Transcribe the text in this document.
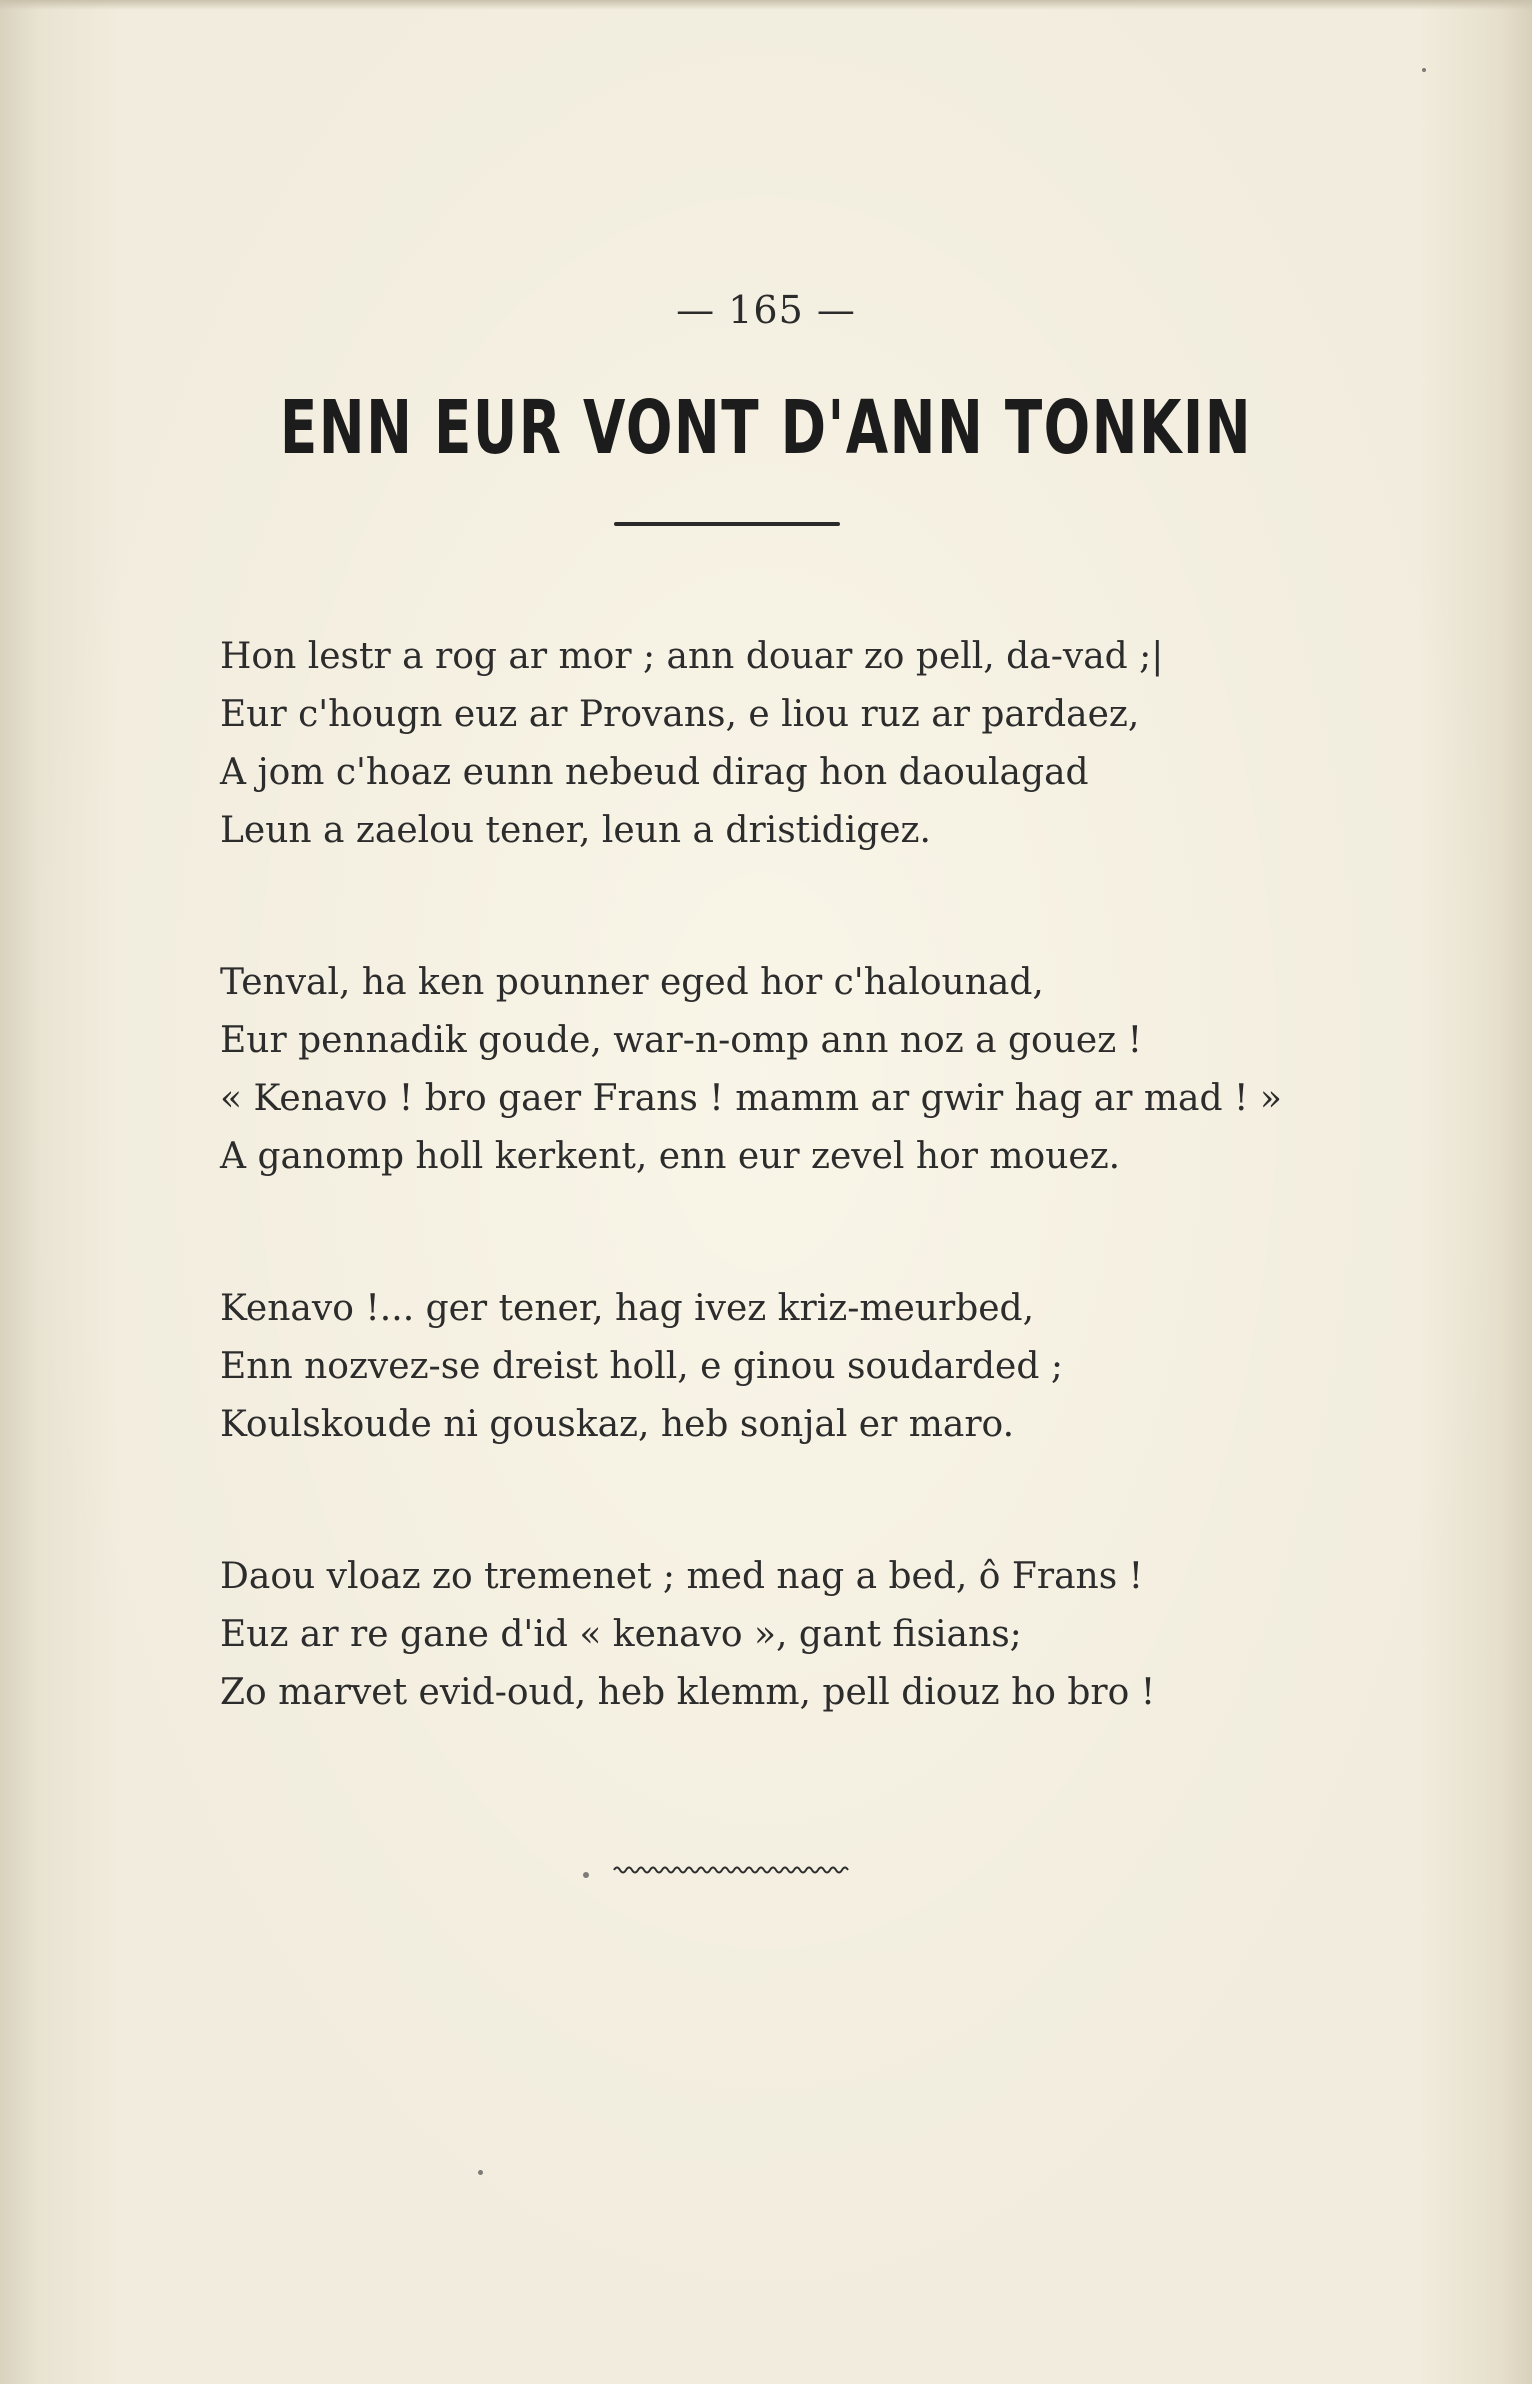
— 165 —
ENN EUR VONT D'ANN TONKIN
Hon lestr a rog ar mor ; ann douar zo pell, da-vad ;|
Eur c'hougn euz ar Provans, e liou ruz ar pardaez,
A jom c'hoaz eunn nebeud dirag hon daoulagad
Leun a zaelou tener, leun a dristidigez.
Tenval, ha ken pounner eged hor c'halounad,
Eur pennadik goude, war-n-omp ann noz a gouez !
« Kenavo ! bro gaer Frans ! mamm ar gwir hag ar mad ! »
A ganomp holl kerkent, enn eur zevel hor mouez.
Kenavo !... ger tener, hag ivez kriz-meurbed,
Enn nozvez-se dreist holl, e ginou soudarded ;
Koulskoude ni gouskaz, heb sonjal er maro.
Daou vloaz zo tremenet ; med nag a bed, ô Frans !
Euz ar re gane d'id « kenavo », gant fisians;
Zo marvet evid-oud, heb klemm, pell diouz ho bro !
